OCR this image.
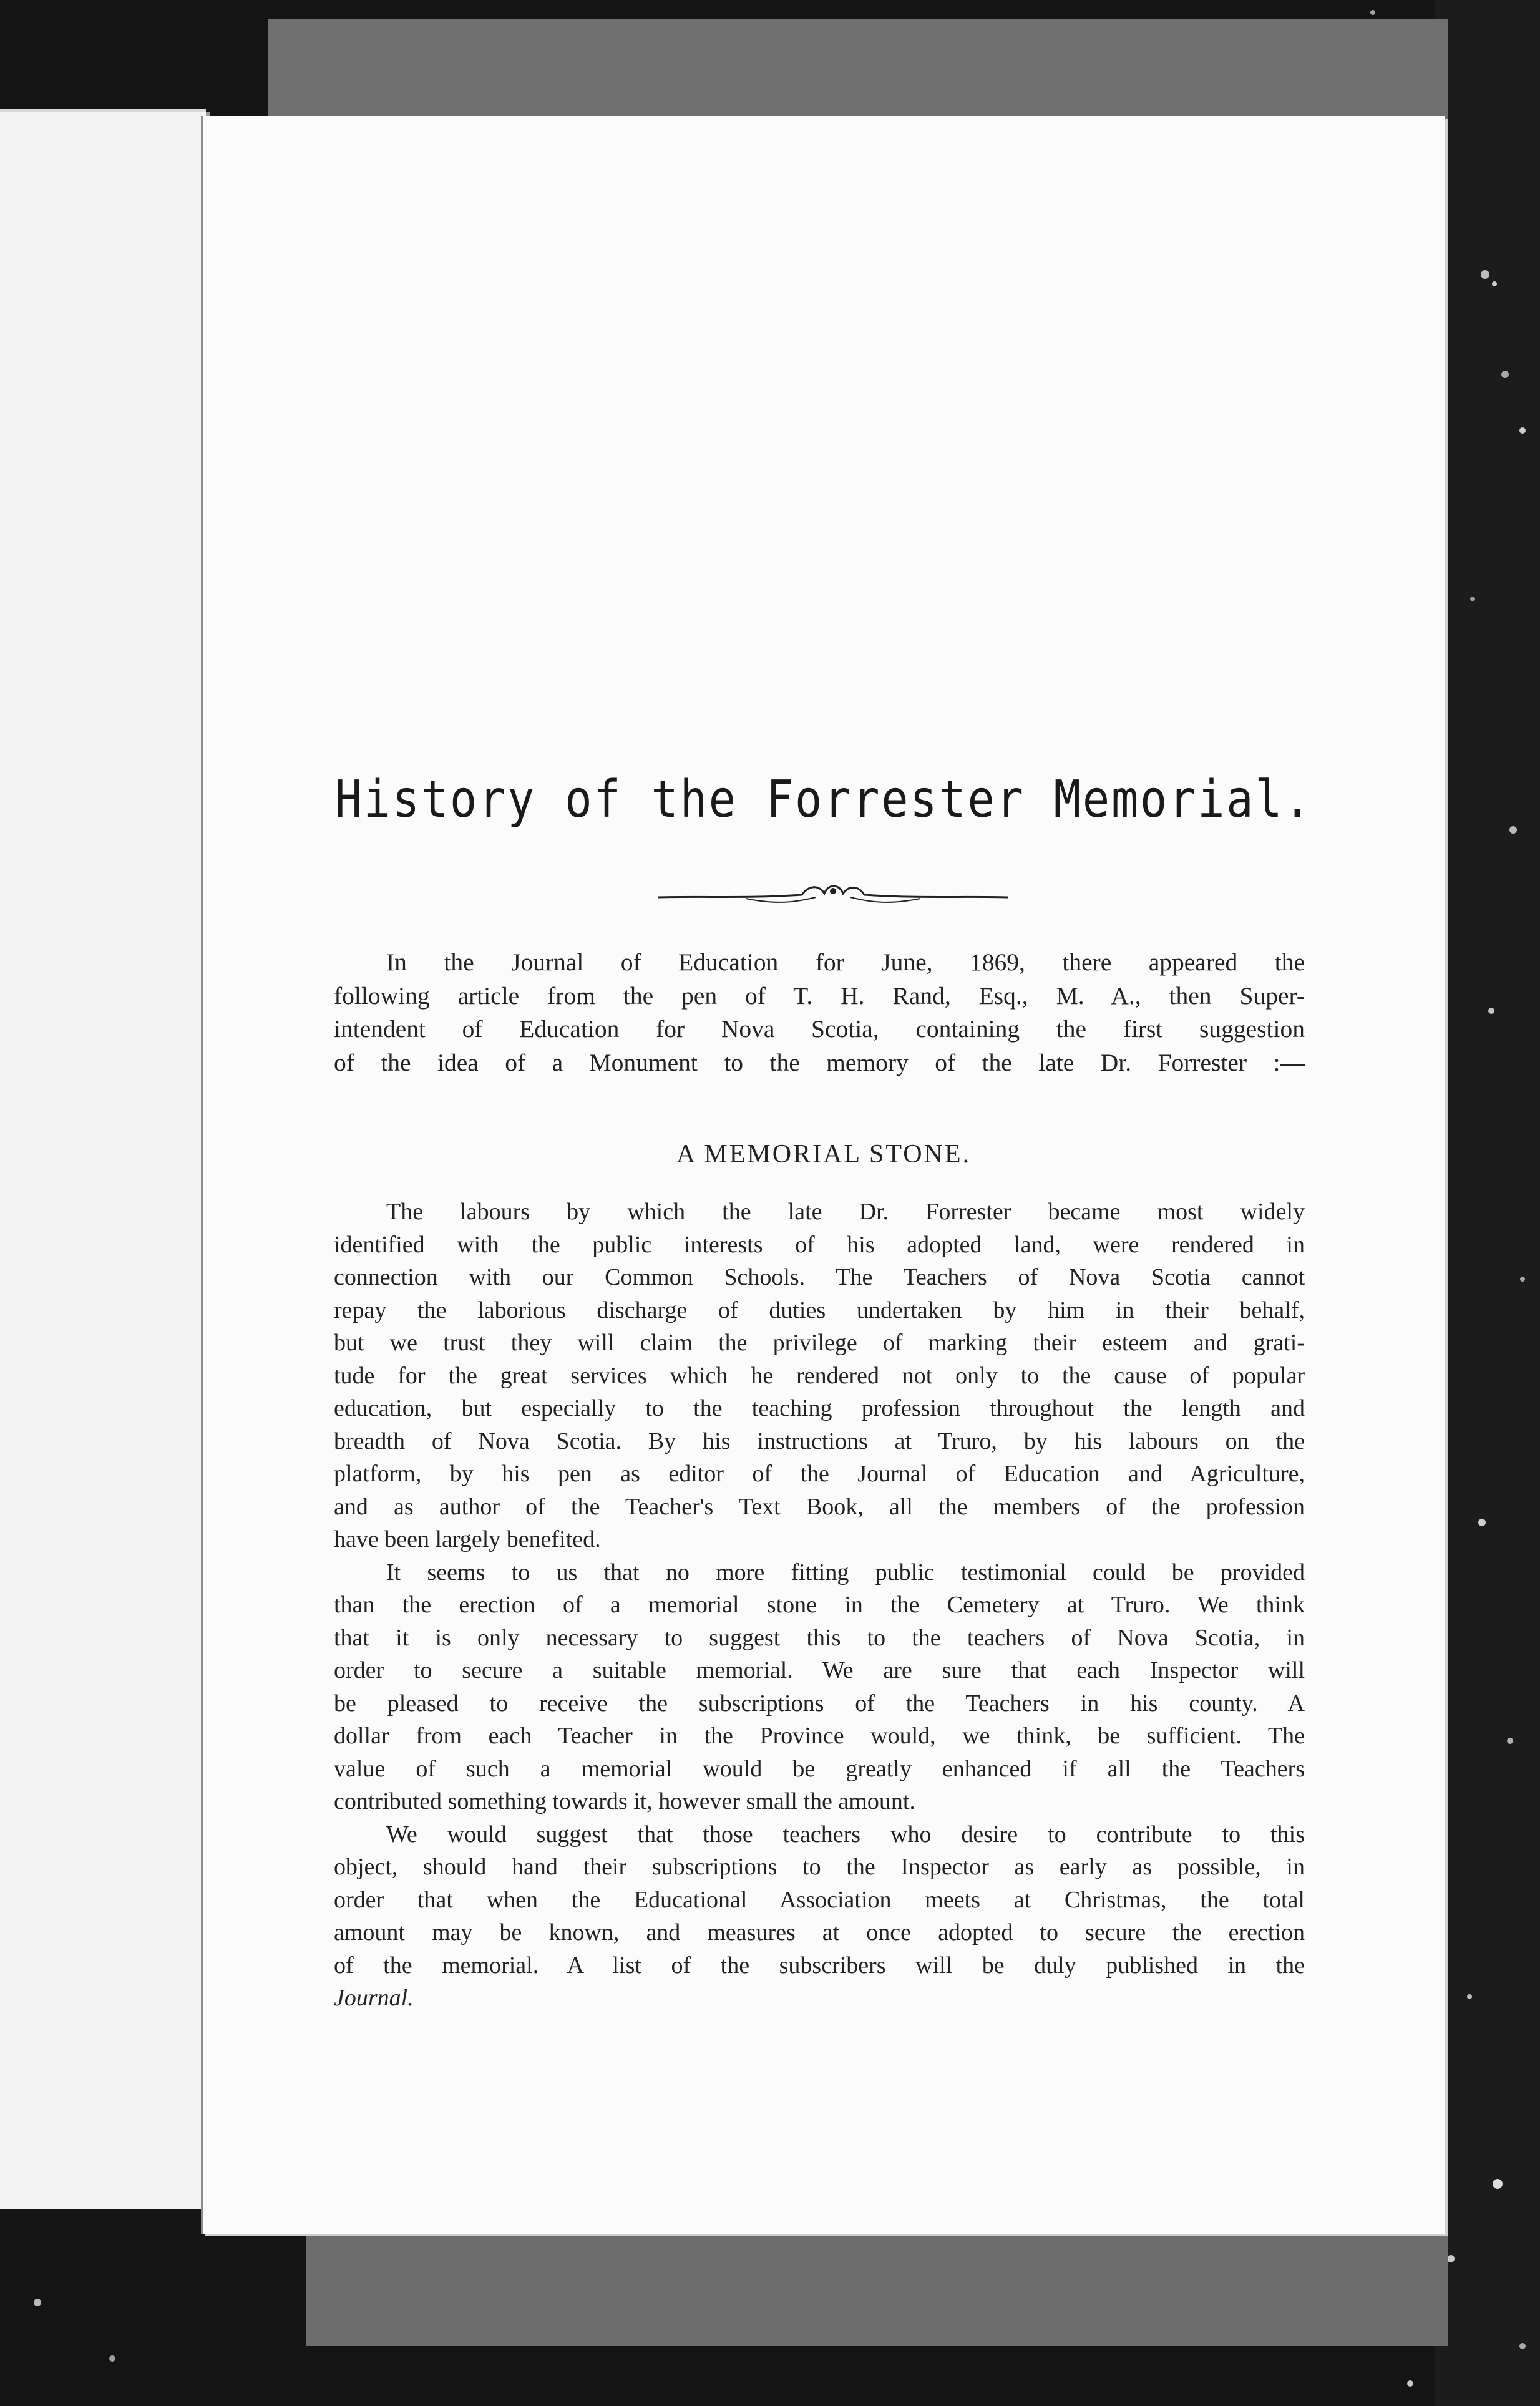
History of the Forrester Memorial.
In the Journal of Education for June, 1869, there appeared the
following article from the pen of T. H. Rand, Esq., M. A., then Super-
intendent of Education for Nova Scotia, containing the first suggestion
of the idea of a Monument to the memory of the late Dr. Forrester :—
A MEMORIAL STONE.
The labours by which the late Dr. Forrester became most widely
identified with the public interests of his adopted land, were rendered in
connection with our Common Schools. The Teachers of Nova Scotia cannot
repay the laborious discharge of duties undertaken by him in their behalf,
but we trust they will claim the privilege of marking their esteem and grati-
tude for the great services which he rendered not only to the cause of popular
education, but especially to the teaching profession throughout the length and
breadth of Nova Scotia. By his instructions at Truro, by his labours on the
platform, by his pen as editor of the Journal of Education and Agriculture,
and as author of the Teacher's Text Book, all the members of the profession
have been largely benefited.
It seems to us that no more fitting public testimonial could be provided
than the erection of a memorial stone in the Cemetery at Truro. We think
that it is only necessary to suggest this to the teachers of Nova Scotia, in
order to secure a suitable memorial. We are sure that each Inspector will
be pleased to receive the subscriptions of the Teachers in his county. A
dollar from each Teacher in the Province would, we think, be sufficient. The
value of such a memorial would be greatly enhanced if all the Teachers
contributed something towards it, however small the amount.
We would suggest that those teachers who desire to contribute to this
object, should hand their subscriptions to the Inspector as early as possible, in
order that when the Educational Association meets at Christmas, the total
amount may be known, and measures at once adopted to secure the erection
of the memorial. A list of the subscribers will be duly published in the
Journal.
